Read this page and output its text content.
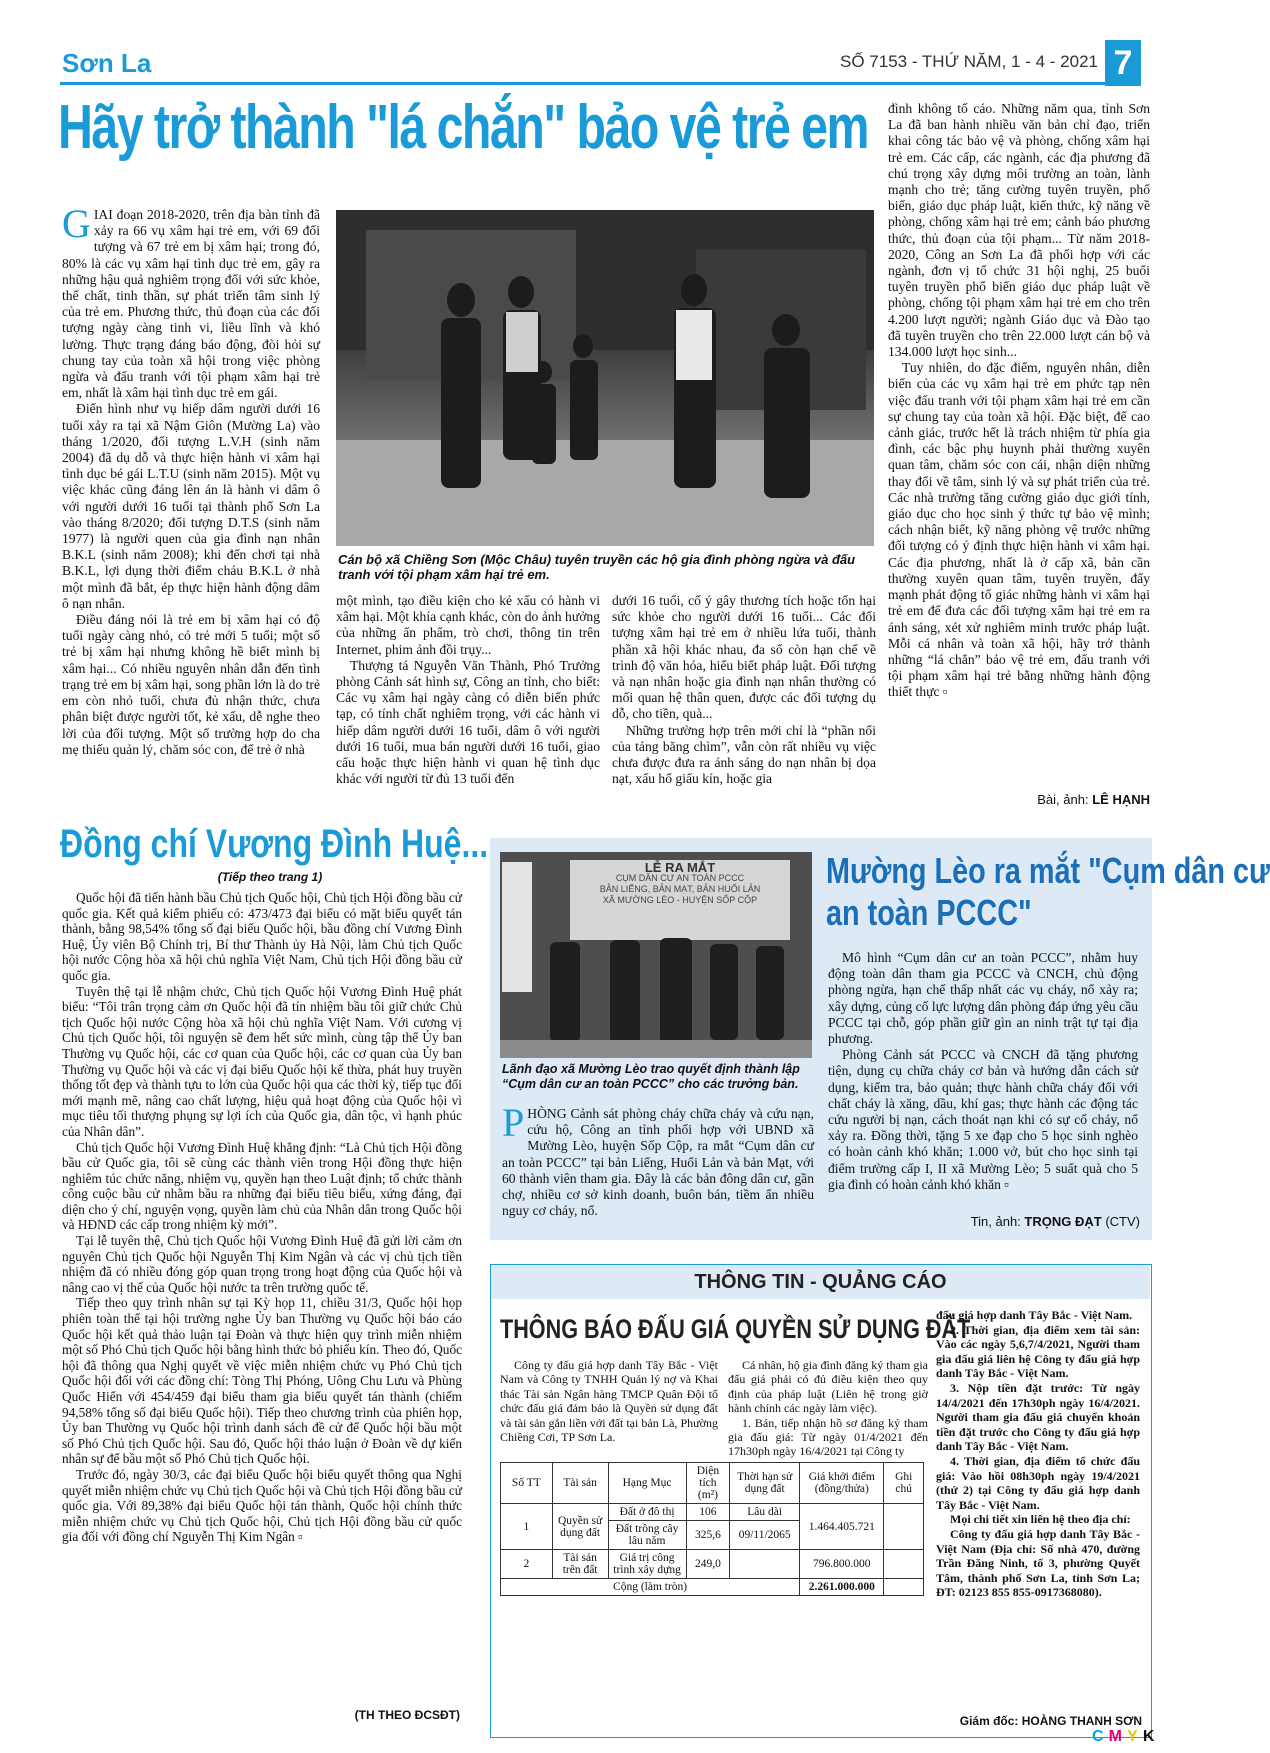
Sơn La	SỐ 7153 - THỨ NĂM, 1 - 4 - 2021 7
Hãy trở thành "lá chắn" bảo vệ trẻ em

GIAI đoạn 2018-2020, trên địa bàn tỉnh đã xảy ra 66 vụ xâm hại trẻ em, với 69 đối tượng và 67 trẻ em bị xâm hại; trong đó, 80% là các vụ xâm hại tình dục trẻ em, gây ra những hậu quả nghiêm trọng đối với sức khỏe, thể chất, tinh thần, sự phát triển tâm sinh lý của trẻ em. Phương thức, thủ đoạn của các đối tượng ngày càng tinh vi, liều lĩnh và khó lường. Thực trạng đáng báo động, đòi hỏi sự chung tay của toàn xã hội trong việc phòng ngừa và đấu tranh với tội phạm xâm hại trẻ em, nhất là xâm hại tình dục trẻ em gái.

Điển hình như vụ hiếp dâm người dưới 16 tuổi xảy ra tại xã Nậm Giôn (Mường La) vào tháng 1/2020, đối tượng L.V.H (sinh năm 2004) đã dụ dỗ và thực hiện hành vi xâm hại tình dục bé gái L.T.U (sinh năm 2015). Một vụ việc khác cũng đáng lên án là hành vi dâm ô với người dưới 16 tuổi tại thành phố Sơn La vào tháng 8/2020; đối tượng D.T.S (sinh năm 1977) là người quen của gia đình nạn nhân B.K.L (sinh năm 2008); khi đến chơi tại nhà B.K.L, lợi dụng thời điểm cháu B.K.L ở nhà một mình đã bắt, ép thực hiện hành động dâm ô nạn nhân.

Điều đáng nói là trẻ em bị xâm hại có độ tuổi ngày càng nhỏ, có trẻ mới 5 tuổi; một số trẻ bị xâm hại nhưng không hề biết mình bị xâm hại... Có nhiều nguyên nhân dẫn đến tình trạng trẻ em bị xâm hại, song phần lớn là do trẻ em còn nhỏ tuổi, chưa đủ nhận thức, chưa phân biệt được người tốt, kẻ xấu, dễ nghe theo lời của đối tượng. Một số trường hợp do cha mẹ thiếu quản lý, chăm sóc con, để trẻ ở nhà

Cán bộ xã Chiềng Sơn (Mộc Châu) tuyên truyền các hộ gia đình phòng ngừa và đấu tranh với tội phạm xâm hại trẻ em.

một mình, tạo điều kiện cho kẻ xấu có hành vi xâm hại. Một khía cạnh khác, còn do ảnh hưởng của những ấn phẩm, trò chơi, thông tin trên Internet, phim ảnh đồi trụy...

Thượng tá Nguyễn Văn Thành, Phó Trưởng phòng Cảnh sát hình sự, Công an tỉnh, cho biết: Các vụ xâm hại ngày càng có diễn biến phức tạp, có tính chất nghiêm trọng, với các hành vi hiếp dâm người dưới 16 tuổi, dâm ô với người dưới 16 tuổi, mua bán người dưới 16 tuổi, giao cấu hoặc thực hiện hành vi quan hệ tình dục khác với người từ đủ 13 tuổi đến

dưới 16 tuổi, cố ý gây thương tích hoặc tổn hại sức khỏe cho người dưới 16 tuổi... Các đối tượng xâm hại trẻ em ở nhiều lứa tuổi, thành phần xã hội khác nhau, đa số còn hạn chế về trình độ văn hóa, hiểu biết pháp luật. Đối tượng và nạn nhân hoặc gia đình nạn nhân thường có mối quan hệ thân quen, được các đối tượng dụ dỗ, cho tiền, quà...

Những trường hợp trên mới chỉ là “phần nổi của tảng băng chìm”, vẫn còn rất nhiều vụ việc chưa được đưa ra ánh sáng do nạn nhân bị dọa nạt, xấu hổ giấu kín, hoặc gia

đình không tố cáo. Những năm qua, tỉnh Sơn La đã ban hành nhiều văn bản chỉ đạo, triển khai công tác bảo vệ và phòng, chống xâm hại trẻ em. Các cấp, các ngành, các địa phương đã chú trọng xây dựng môi trường an toàn, lành mạnh cho trẻ; tăng cường tuyên truyền, phổ biến, giáo dục pháp luật, kiến thức, kỹ năng về phòng, chống xâm hại trẻ em; cảnh báo phương thức, thủ đoạn của tội phạm... Từ năm 2018-2020, Công an Sơn La đã phối hợp với các ngành, đơn vị tổ chức 31 hội nghị, 25 buổi tuyên truyền phổ biến giáo dục pháp luật về phòng, chống tội phạm xâm hại trẻ em cho trên 4.200 lượt người; ngành Giáo dục và Đào tạo đã tuyên truyền cho trên 22.000 lượt cán bộ và 134.000 lượt học sinh...

Tuy nhiên, do đặc điểm, nguyên nhân, diễn biến của các vụ xâm hại trẻ em phức tạp nên việc đấu tranh với tội phạm xâm hại trẻ em cần sự chung tay của toàn xã hội. Đặc biệt, để cao cảnh giác, trước hết là trách nhiệm từ phía gia đình, các bậc phụ huynh phải thường xuyên quan tâm, chăm sóc con cái, nhận diện những thay đổi về tâm, sinh lý và sự phát triển của trẻ. Các nhà trường tăng cường giáo dục giới tính, giáo dục cho học sinh ý thức tự bảo vệ mình; cách nhận biết, kỹ năng phòng vệ trước những đối tượng có ý định thực hiện hành vi xâm hại. Các địa phương, nhất là ở cấp xã, bản cần thường xuyên quan tâm, tuyên truyền, đẩy mạnh phát động tố giác những hành vi xâm hại trẻ em để đưa các đối tượng xâm hại trẻ em ra ánh sáng, xét xử nghiêm minh trước pháp luật. Mỗi cá nhân và toàn xã hội, hãy trở thành những “lá chắn” bảo vệ trẻ em, đấu tranh với tội phạm xâm hại trẻ bằng những hành động thiết thực ▫

Bài, ảnh: LÊ HẠNH
Đồng chí Vương Đình Huệ...
(Tiếp theo trang 1)

Quốc hội đã tiến hành bầu Chủ tịch Quốc hội, Chủ tịch Hội đồng bầu cử quốc gia. Kết quả kiểm phiếu có: 473/473 đại biểu có mặt biểu quyết tán thành, bằng 98,54% tổng số đại biểu Quốc hội, bầu đồng chí Vương Đình Huệ, Ủy viên Bộ Chính trị, Bí thư Thành ủy Hà Nội, làm Chủ tịch Quốc hội nước Cộng hòa xã hội chủ nghĩa Việt Nam, Chủ tịch Hội đồng bầu cử quốc gia.

Tuyên thệ tại lễ nhậm chức, Chủ tịch Quốc hội Vương Đình Huệ phát biểu: “Tôi trân trọng cảm ơn Quốc hội đã tín nhiệm bầu tôi giữ chức Chủ tịch Quốc hội nước Cộng hòa xã hội chủ nghĩa Việt Nam. Với cương vị Chủ tịch Quốc hội, tôi nguyện sẽ đem hết sức mình, cùng tập thể Ủy ban Thường vụ Quốc hội, các cơ quan của Quốc hội, các cơ quan của Ủy ban Thường vụ Quốc hội và các vị đại biểu Quốc hội kế thừa, phát huy truyền thống tốt đẹp và thành tựu to lớn của Quốc hội qua các thời kỳ, tiếp tục đổi mới mạnh mẽ, nâng cao chất lượng, hiệu quả hoạt động của Quốc hội vì mục tiêu tối thượng phụng sự lợi ích của Quốc gia, dân tộc, vì hạnh phúc của Nhân dân”.

Chủ tịch Quốc hội Vương Đình Huệ khẳng định: “Là Chủ tịch Hội đồng bầu cử Quốc gia, tôi sẽ cùng các thành viên trong Hội đồng thực hiện nghiêm túc chức năng, nhiệm vụ, quyền hạn theo Luật định; tổ chức thành công cuộc bầu cử nhằm bầu ra những đại biểu tiêu biểu, xứng đáng, đại diện cho ý chí, nguyện vọng, quyền làm chủ của Nhân dân trong Quốc hội và HĐND các cấp trong nhiệm kỳ mới”.

Tại lễ tuyên thệ, Chủ tịch Quốc hội Vương Đình Huệ đã gửi lời cảm ơn nguyên Chủ tịch Quốc hội Nguyễn Thị Kim Ngân và các vị chủ tịch tiền nhiệm đã có nhiều đóng góp quan trọng trong hoạt động của Quốc hội và nâng cao vị thế của Quốc hội nước ta trên trường quốc tế.

Tiếp theo quy trình nhân sự tại Kỳ họp 11, chiều 31/3, Quốc hội họp phiên toàn thể tại hội trường nghe Ủy ban Thường vụ Quốc hội báo cáo Quốc hội kết quả thảo luận tại Đoàn và thực hiện quy trình miễn nhiệm một số Phó Chủ tịch Quốc hội bằng hình thức bỏ phiếu kín. Theo đó, Quốc hội đã thông qua Nghị quyết về việc miễn nhiệm chức vụ Phó Chủ tịch Quốc hội đối với các đồng chí: Tòng Thị Phóng, Uông Chu Lưu và Phùng Quốc Hiển với 454/459 đại biểu tham gia biểu quyết tán thành (chiếm 94,58% tổng số đại biểu Quốc hội). Tiếp theo chương trình của phiên họp, Ủy ban Thường vụ Quốc hội trình danh sách đề cử để Quốc hội bầu một số Phó Chủ tịch Quốc hội. Sau đó, Quốc hội thảo luận ở Đoàn về dự kiến nhân sự để bầu một số Phó Chủ tịch Quốc hội.

Trước đó, ngày 30/3, các đại biểu Quốc hội biểu quyết thông qua Nghị quyết miễn nhiệm chức vụ Chủ tịch Quốc hội và Chủ tịch Hội đồng bầu cử quốc gia. Với 89,38% đại biểu Quốc hội tán thành, Quốc hội chính thức miễn nhiệm chức vụ Chủ tịch Quốc hội, Chủ tịch Hội đồng bầu cử quốc gia đối với đồng chí Nguyễn Thị Kim Ngân ▫

(TH THEO ĐCSĐT)
LỄ RA MẮT
CỤM DÂN CƯ AN TOÀN PCCC
BẢN LIẾNG, BẢN MẠT, BẢN HUỔI LẢN
XÃ MƯỜNG LÈO - HUYỆN SỐP CỘP
Lãnh đạo xã Mường Lèo trao quyết định thành lập “Cụm dân cư an toàn PCCC” cho các trưởng bản.
Mường Lèo ra mắt "Cụm dân cư
an toàn PCCC"

Mô hình “Cụm dân cư an toàn PCCC”, nhằm huy động toàn dân tham gia PCCC và CNCH, chủ động phòng ngừa, hạn chế thấp nhất các vụ cháy, nổ xảy ra; xây dựng, củng cố lực lượng dân phòng đáp ứng yêu cầu PCCC tại chỗ, góp phần giữ gìn an ninh trật tự tại địa phương.

Phòng Cảnh sát PCCC và CNCH đã tặng phương tiện, dụng cụ chữa cháy cơ bản và hướng dẫn cách sử dụng, kiểm tra, bảo quản; thực hành chữa cháy đối với chất cháy là xăng, dầu, khí gas; thực hành các động tác cứu người bị nạn, cách thoát nạn khi có sự cố cháy, nổ xảy ra. Đồng thời, tặng 5 xe đạp cho 5 học sinh nghèo có hoàn cảnh khó khăn; 1.000 vở, bút cho học sinh tại điểm trường cấp I, II xã Mường Lèo; 5 suất quà cho 5 gia đình có hoàn cảnh khó khăn ▫

PHÒNG Cảnh sát phòng cháy chữa cháy và cứu nạn, cứu hộ, Công an tỉnh phối hợp với UBND xã Mường Lèo, huyện Sốp Cộp, ra mắt “Cụm dân cư an toàn PCCC” tại bản Liếng, Huổi Lản và bản Mạt, với 60 thành viên tham gia. Đây là các bản đông dân cư, gần chợ, nhiều cơ sở kinh doanh, buôn bán, tiềm ẩn nhiều nguy cơ cháy, nổ.

Tin, ảnh: TRỌNG ĐẠT (CTV)
THÔNG TIN - QUẢNG CÁO
THÔNG BÁO ĐẤU GIÁ QUYỀN SỬ DỤNG ĐẤT

Công ty đấu giá hợp danh Tây Bắc - Việt Nam và Công ty TNHH Quản lý nợ và Khai thác Tài sản Ngân hàng TMCP Quân Đội tổ chức đấu giá đảm bảo là Quyền sử dụng đất và tài sản gắn liền với đất tại bản Là, Phường Chiềng Cơi, TP Sơn La.

Cá nhân, hộ gia đình đăng ký tham gia đấu giá phải có đủ điều kiện theo quy định của pháp luật (Liên hệ trong giờ hành chính các ngày làm việc).

1. Bán, tiếp nhận hồ sơ đăng ký tham gia đấu giá: Từ ngày 01/4/2021 đến 17h30ph ngày 16/4/2021 tại Công ty

Số TT	Tài sản	Hạng Mục	Diện tích (m²)	Thời hạn sử dụng đất	Giá khởi điểm (đồng/thửa)	Ghi chú
1	Quyền sử dụng đất	Đất ở đô thị	106	Lâu dài	1.464.405.721	
		Đất trồng cây lâu năm	325,6	09/11/2065		
2	Tài sản trên đất	Giá trị công trình xây dựng	249,0		796.800.000	
Cộng (làm tròn)					2.261.000.000	

đấu giá hợp danh Tây Bắc - Việt Nam.

2. Thời gian, địa điểm xem tài sản: Vào các ngày 5,6,7/4/2021, Người tham gia đấu giá liên hệ Công ty đấu giá hợp danh Tây Bắc - Việt Nam.

3. Nộp tiền đặt trước: Từ ngày 14/4/2021 đến 17h30ph ngày 16/4/2021. Người tham gia đấu giá chuyển khoản tiền đặt trước cho Công ty đấu giá hợp danh Tây Bắc - Việt Nam.

4. Thời gian, địa điểm tổ chức đấu giá: Vào hồi 08h30ph ngày 19/4/2021 (thứ 2) tại Công ty đấu giá hợp danh Tây Bắc - Việt Nam.

Mọi chi tiết xin liên hệ theo địa chỉ:

Công ty đấu giá hợp danh Tây Bắc - Việt Nam (Địa chỉ: Số nhà 470, đường Trần Đăng Ninh, tổ 3, phường Quyết Tâm, thành phố Sơn La, tỉnh Sơn La; ĐT: 02123 855 855-0917368080).

Giám đốc: HOÀNG THANH SƠN
C M Y K
